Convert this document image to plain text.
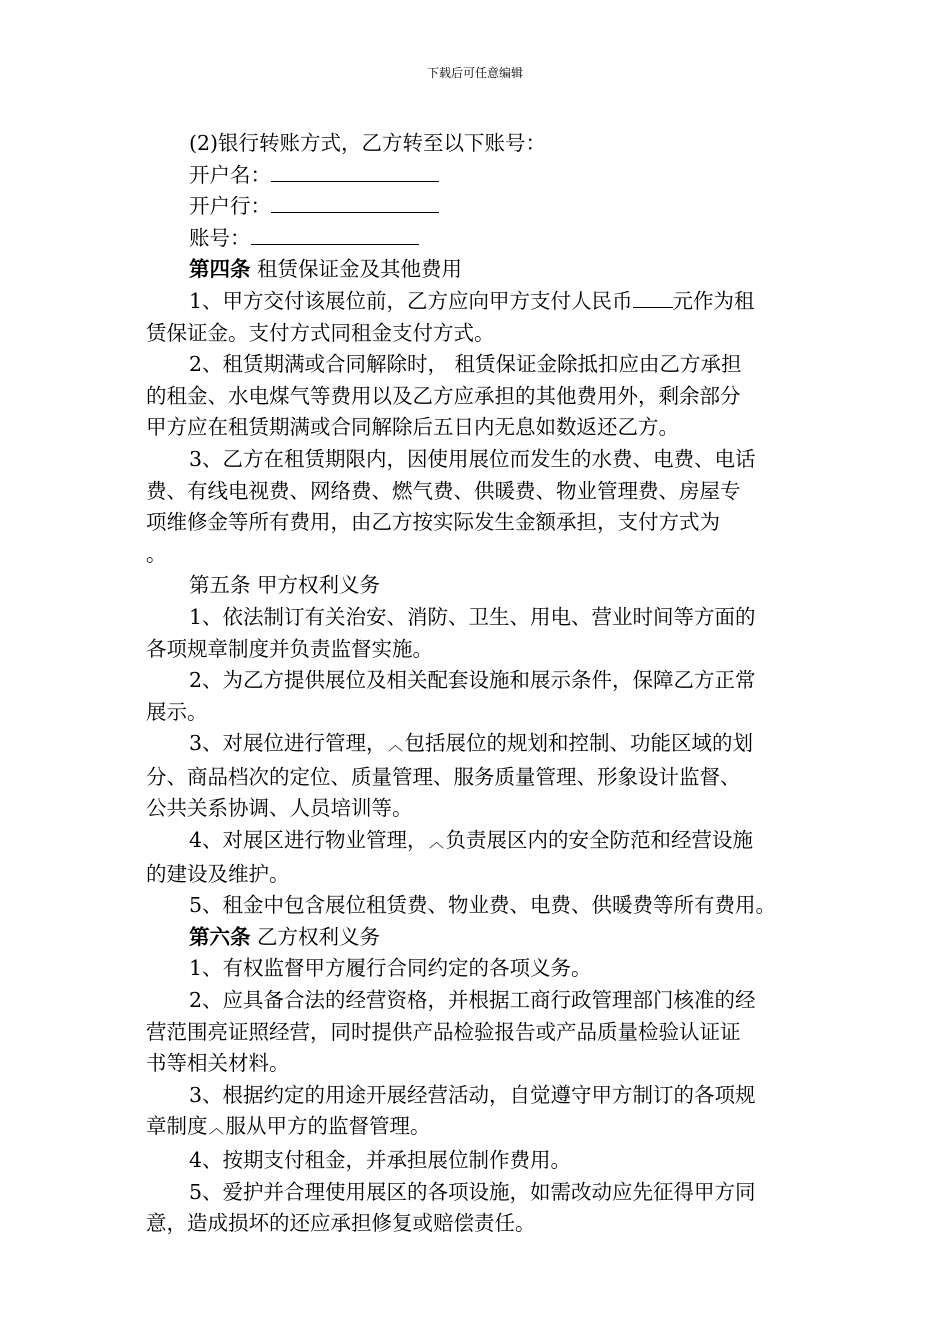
下载后可任意编辑

(2)银行转账方式，乙方转至以下账号：

开户名：

开户行：

账号：

第四条 租赁保证金及其他费用

1、甲方交付该展位前，乙方应向甲方支付人民币 元作为租

赁保证金。支付方式同租金支付方式。

2、租赁期满或合同解除时， 租赁保证金除抵扣应由乙方承担

的租金、水电煤气等费用以及乙方应承担的其他费用外，剩余部分

甲方应在租赁期满或合同解除后五日内无息如数返还乙方。

3、乙方在租赁期限内，因使用展位而发生的水费、电费、电话

费、有线电视费、网络费、燃气费、供暖费、物业管理费、房屋专

项维修金等所有费用，由乙方按实际发生金额承担，支付方式为

。

第五条 甲方权利义务

1、依法制订有关治安、消防、卫生、用电、营业时间等方面的

各项规章制度并负责监督实施。

2、为乙方提供展位及相关配套设施和展示条件，保障乙方正常

展示。

3、对展位进行管理，︿包括展位的规划和控制、功能区域的划

分、商品档次的定位、质量管理、服务质量管理、形象设计监督、

公共关系协调、人员培训等。

4、对展区进行物业管理，︿负责展区内的安全防范和经营设施

的建设及维护。

5、租金中包含展位租赁费、物业费、电费、供暖费等所有费用。

第六条 乙方权利义务

1、有权监督甲方履行合同约定的各项义务。

2、应具备合法的经营资格，并根据工商行政管理部门核准的经

营范围亮证照经营，同时提供产品检验报告或产品质量检验认证证

书等相关材料。

3、根据约定的用途开展经营活动，自觉遵守甲方制订的各项规

章制度︿服从甲方的监督管理。

4、按期支付租金，并承担展位制作费用。

5、爱护并合理使用展区的各项设施，如需改动应先征得甲方同

意，造成损坏的还应承担修复或赔偿责任。
